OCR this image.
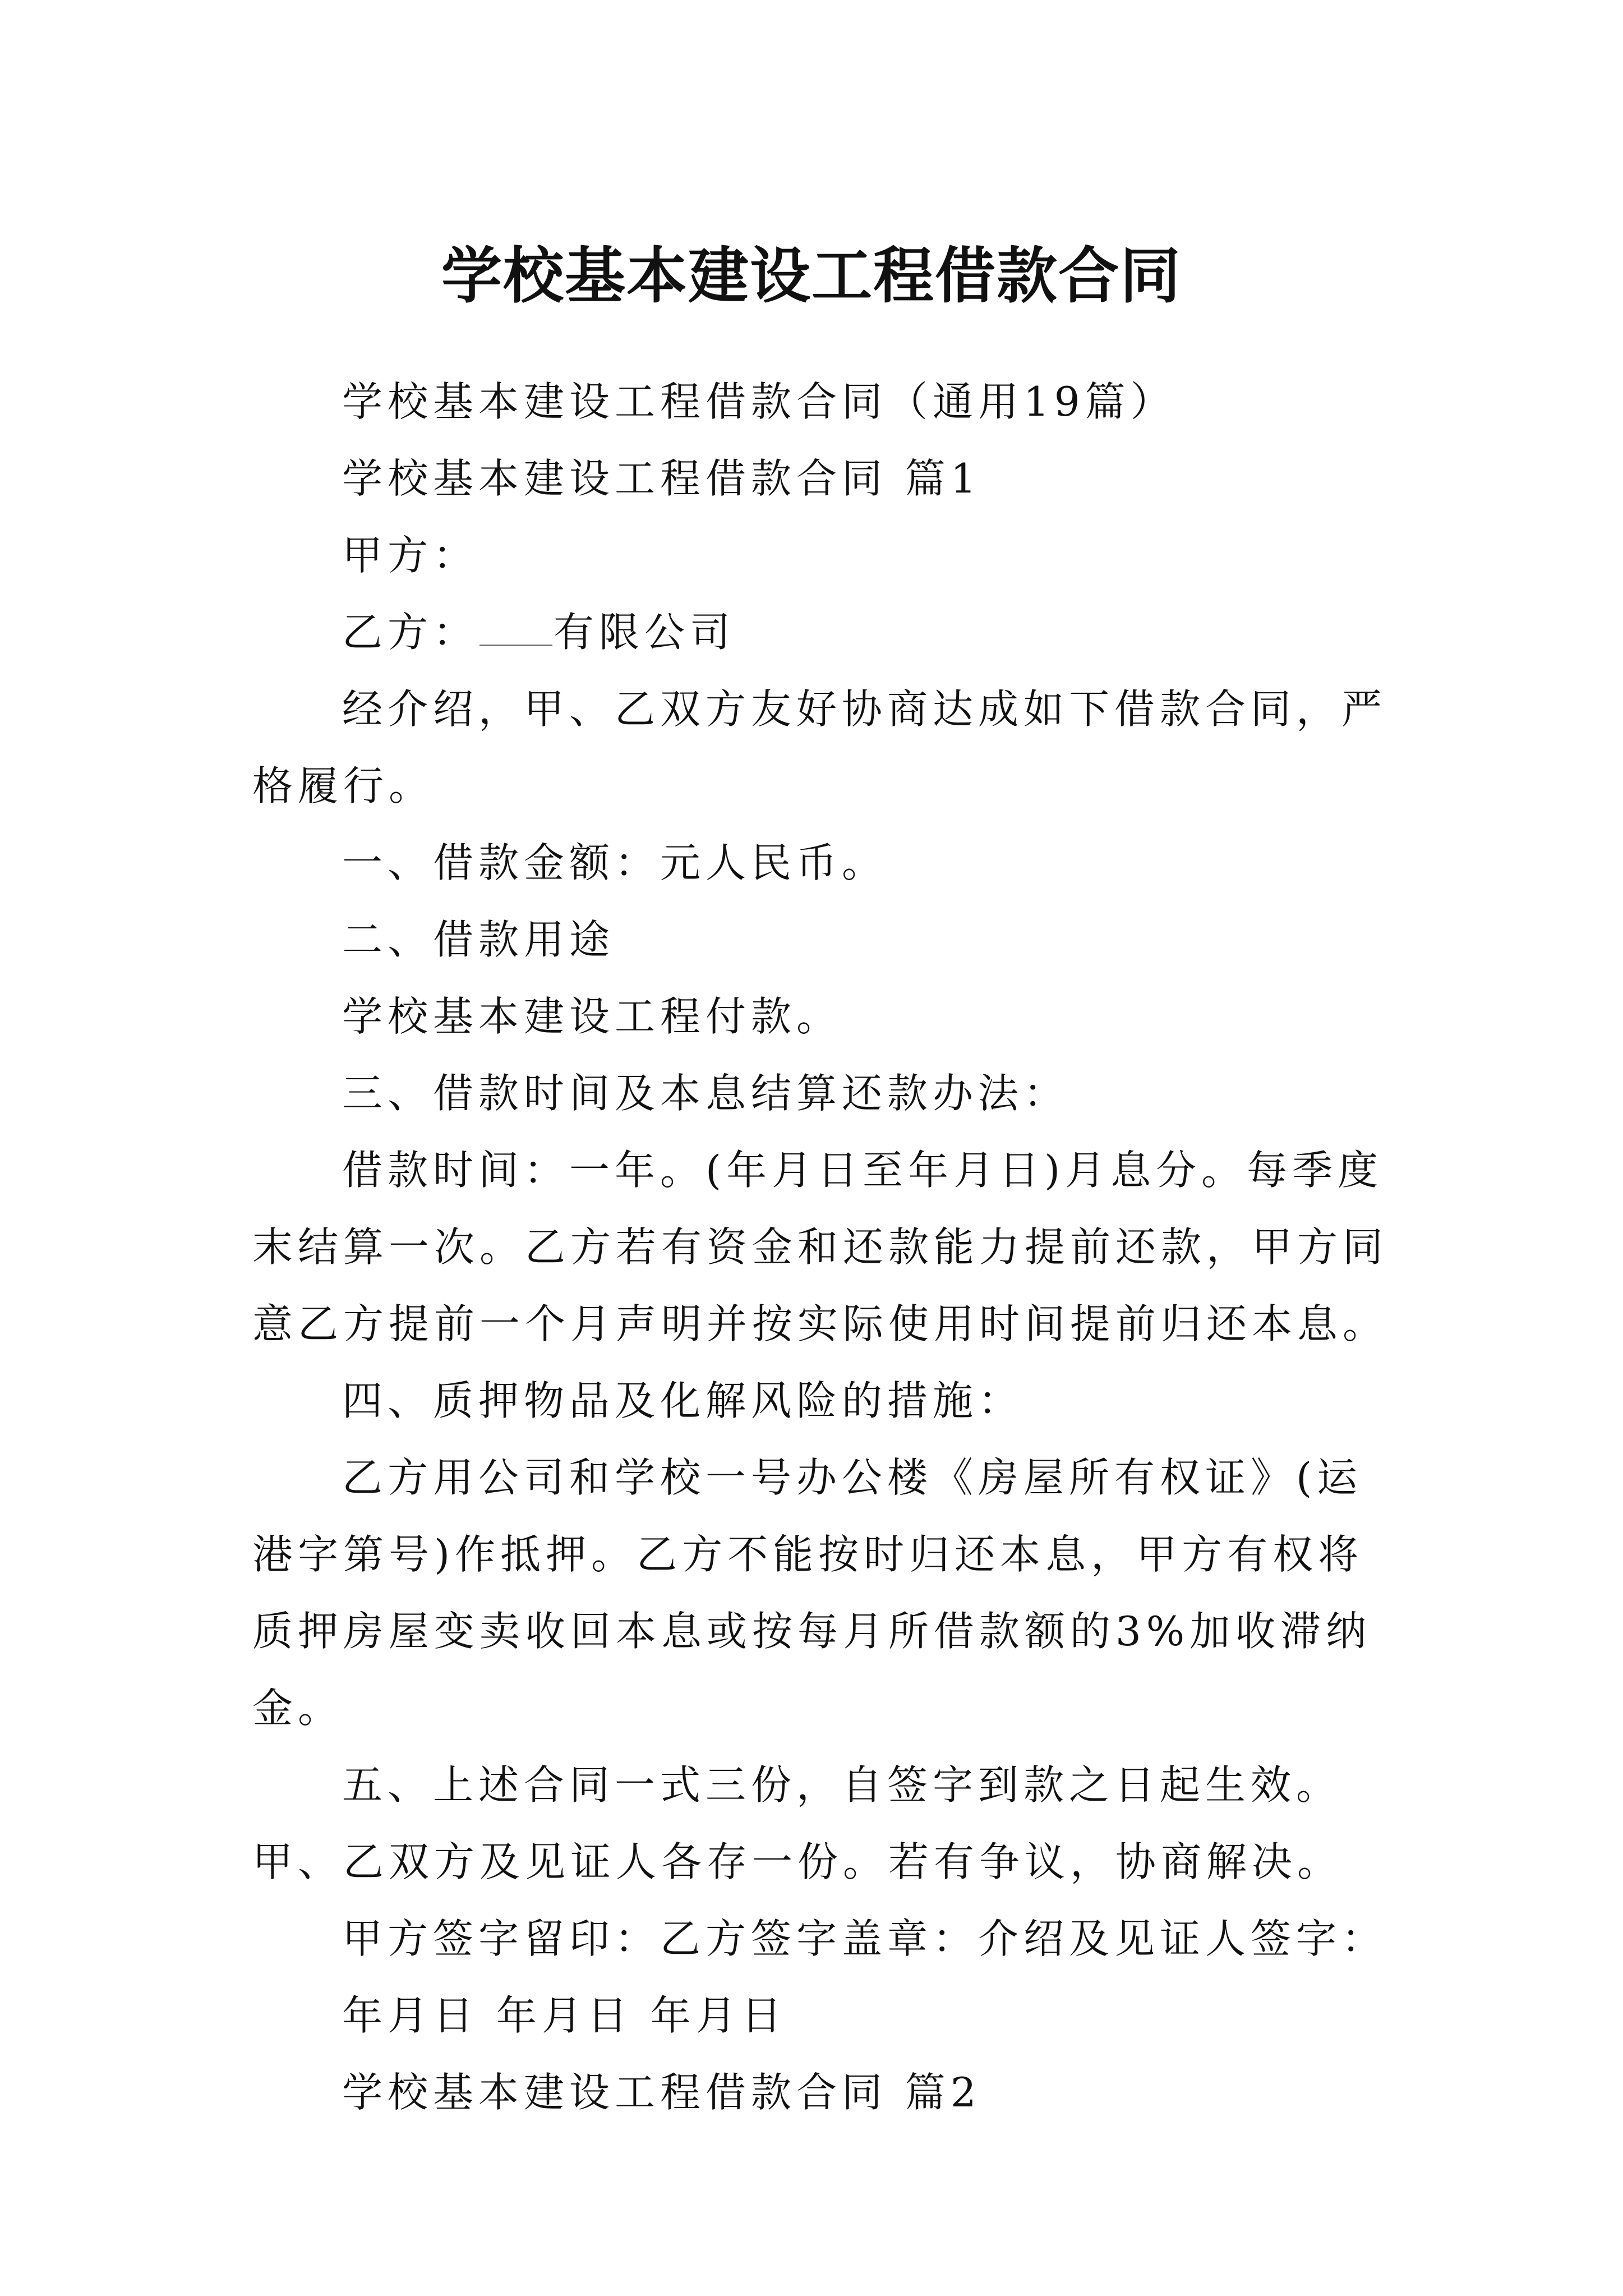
学校基本建设工程借款合同

学校基本建设工程借款合同（通用19篇）

学校基本建设工程借款合同 篇1

甲方：

乙方： 有限公司

经介绍，甲、乙双方友好协商达成如下借款合同，严格履行。

一、借款金额：元人民币。

二、借款用途

学校基本建设工程付款。

三、借款时间及本息结算还款办法：

借款时间：一年。(年月日至年月日)月息分。每季度末结算一次。乙方若有资金和还款能力提前还款，甲方同意乙方提前一个月声明并按实际使用时间提前归还本息。

四、质押物品及化解风险的措施：

乙方用公司和学校一号办公楼《房屋所有权证》(运港字第号)作抵押。乙方不能按时归还本息，甲方有权将质押房屋变卖收回本息或按每月所借款额的3%加收滞纳金。

五、上述合同一式三份，自签字到款之日起生效。甲、乙双方及见证人各存一份。若有争议，协商解决。

甲方签字留印：乙方签字盖章：介绍及见证人签字：

年月日 年月日 年月日

学校基本建设工程借款合同 篇2
